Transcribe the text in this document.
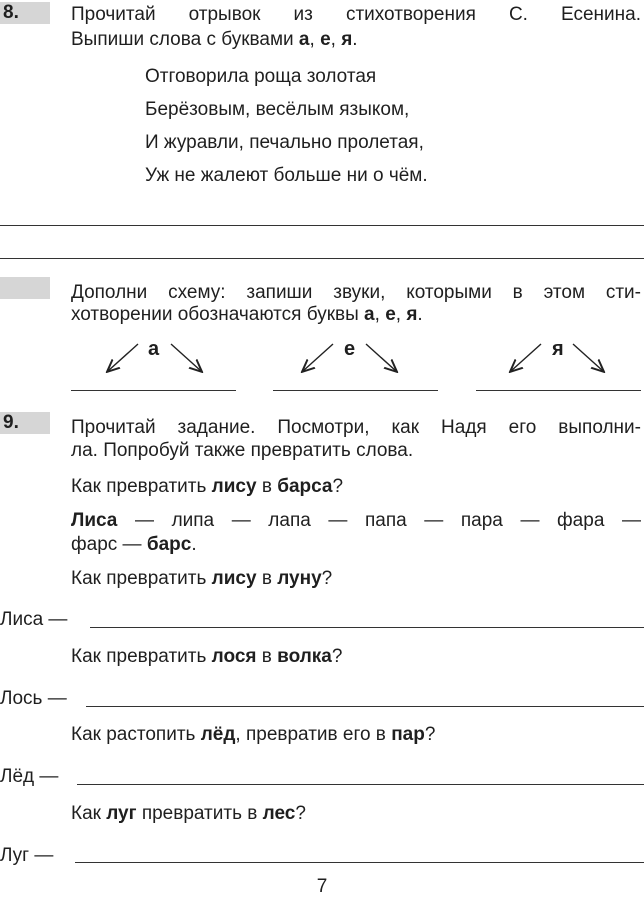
8.	Прочитай отрывок из стихотворения С. Есенина.
Выпиши слова с буквами а, е, я.
Отговорила роща золотая
Берёзовым, весёлым языком,
И журавли, печально пролетая,
Уж не жалеют больше ни о чём.
Дополни схему: запиши звуки, которыми в этом сти-
хотворении обозначаются буквы а, е, я.
а	е	я
9.	Прочитай задание. Посмотри, как Надя его выполни-
ла. Попробуй также превратить слова.
Как превратить лису в барса?
Лиса — липа — лапа — папа — пара — фара —
фарс — барс.
Как превратить лису в луну?
Лиса —
Как превратить лося в волка?
Лось —
Как растопить лёд, превратив его в пар?
Лёд —
Как луг превратить в лес?
Луг —
7
